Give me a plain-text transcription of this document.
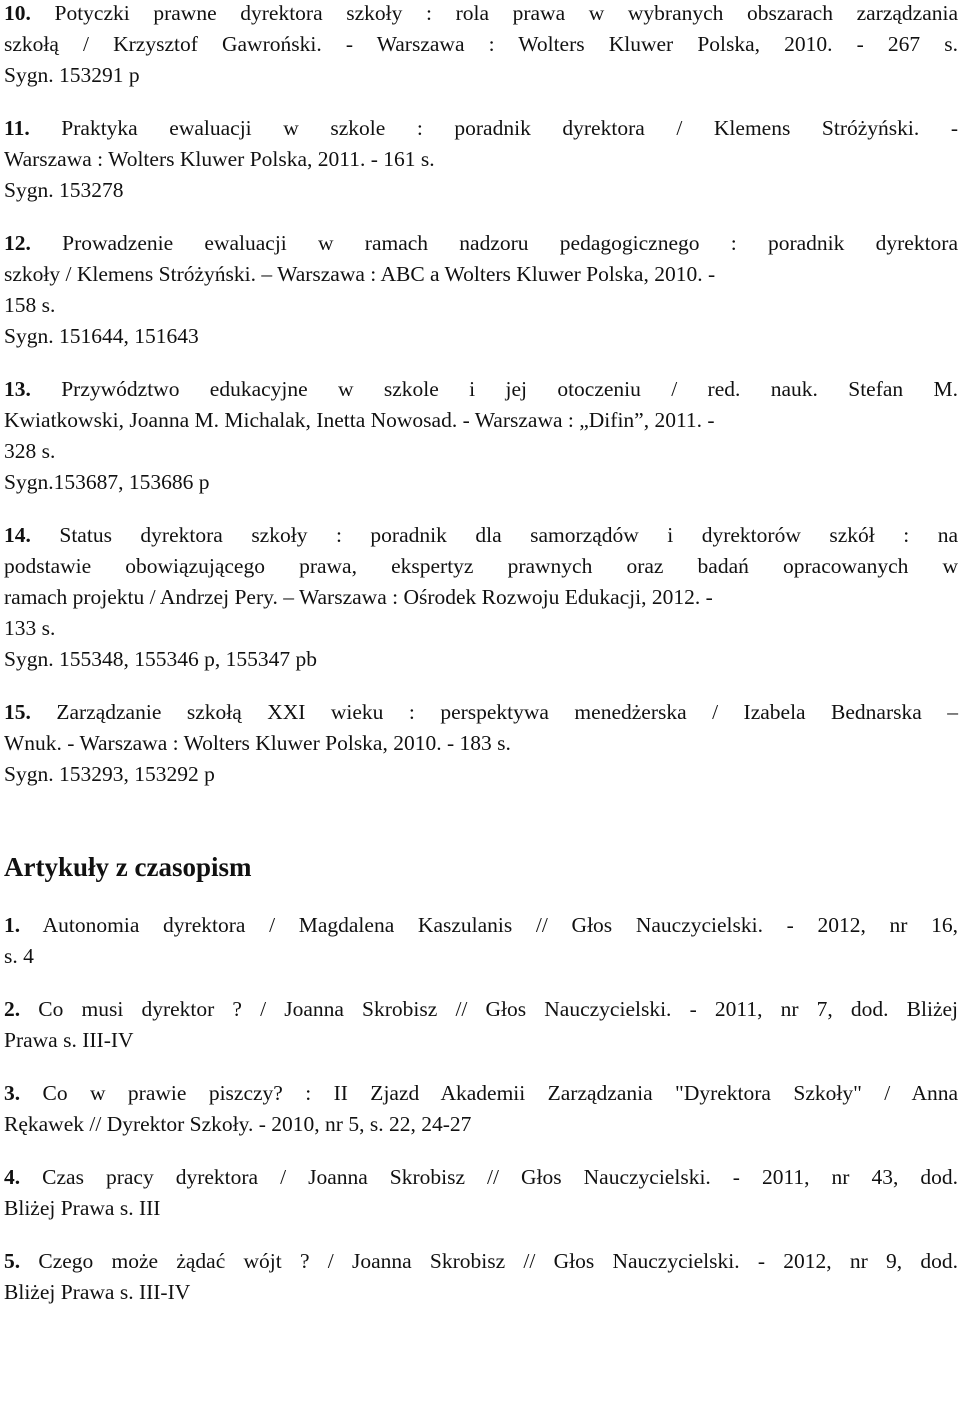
10. Potyczki prawne dyrektora szkoły : rola prawa w wybranych obszarach zarządzania
szkołą / Krzysztof Gawroński. - Warszawa : Wolters Kluwer Polska, 2010. - 267 s.
Sygn. 153291 p
11. Praktyka ewaluacji w szkole : poradnik dyrektora / Klemens Stróżyński. -
Warszawa : Wolters Kluwer Polska, 2011. - 161 s.
Sygn. 153278
12. Prowadzenie ewaluacji w ramach nadzoru pedagogicznego : poradnik dyrektora
szkoły / Klemens Stróżyński. – Warszawa : ABC a Wolters Kluwer Polska, 2010. -
158 s.
Sygn. 151644, 151643
13. Przywództwo edukacyjne w szkole i jej otoczeniu / red. nauk. Stefan M.
Kwiatkowski, Joanna M. Michalak, Inetta Nowosad. - Warszawa : „Difin”, 2011. -
328 s.
Sygn.153687, 153686 p
14. Status dyrektora szkoły : poradnik dla samorządów i dyrektorów szkół : na
podstawie obowiązującego prawa, ekspertyz prawnych oraz badań opracowanych w
ramach projektu / Andrzej Pery. – Warszawa : Ośrodek Rozwoju Edukacji, 2012. -
133 s.
Sygn. 155348, 155346 p, 155347 pb
15. Zarządzanie szkołą XXI wieku : perspektywa menedżerska / Izabela Bednarska –
Wnuk. - Warszawa : Wolters Kluwer Polska, 2010. - 183 s.
Sygn. 153293, 153292 p
Artykuły z czasopism
1. Autonomia dyrektora / Magdalena Kaszulanis // Głos Nauczycielski. - 2012, nr 16,
s. 4
2. Co musi dyrektor ? / Joanna Skrobisz // Głos Nauczycielski. - 2011, nr 7, dod. Bliżej
Prawa s. III-IV
3. Co w prawie piszczy? : II Zjazd Akademii Zarządzania "Dyrektora Szkoły" / Anna
Rękawek // Dyrektor Szkoły. - 2010, nr 5, s. 22, 24-27
4. Czas pracy dyrektora / Joanna Skrobisz // Głos Nauczycielski. - 2011, nr 43, dod.
Bliżej Prawa s. III
5. Czego może żądać wójt ? / Joanna Skrobisz // Głos Nauczycielski. - 2012, nr 9, dod.
Bliżej Prawa s. III-IV
